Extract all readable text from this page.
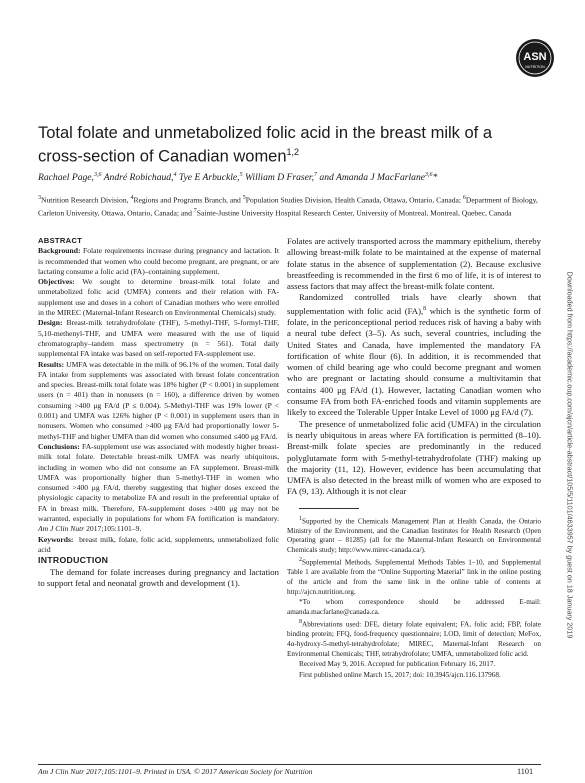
ASN
NUTRITION
Downloaded from https://academic.oup.com/ajcn/article-abstract/105/5/1101/4633957 by guest on 18 January 2019
Total folate and unmetabolized folic acid in the breast milk of a cross-section of Canadian women$^{1,2}$

Rachael Page,$^{3,6}$ André Robichaud,$^4$ Tye E Arbuckle,$^5$ William D Fraser,$^7$ and Amanda J MacFarlane$^{3,6}$*

$^3$Nutrition Research Division, $^4$Regions and Programs Branch, and $^5$Population Studies Division, Health Canada, Ottawa, Ontario, Canada; $^6$Department of Biology, Carleton University, Ottawa, Ontario, Canada; and $^7$Sainte-Justine University Hospital Research Center, University of Montreal, Montreal, Quebec, Canada

ABSTRACT

Background: Folate requirements increase during pregnancy and lactation. It is recommended that women who could become pregnant, are pregnant, or are lactating consume a folic acid (FA)–containing supplement.

Objectives: We sought to determine breast-milk total folate and unmetabolized folic acid (UMFA) contents and their relation with FA-supplement use and doses in a cohort of Canadian mothers who were enrolled in the MIREC (Maternal-Infant Research on Environmental Chemicals) study.

Design: Breast-milk tetrahydrofolate (THF), 5-methyl-THF, 5-formyl-THF, 5,10-methenyl-THF, and UMFA were measured with the use of liquid chromatography–tandem mass spectrometry (n = 561). Total daily supplemental FA intake was based on self-reported FA-supplement use.

Results: UMFA was detectable in the milk of 96.1% of the women. Total daily FA intake from supplements was associated with breast folate concentration and species. Breast-milk total folate was 18% higher (P < 0.001) in supplement users (n = 401) than in nonusers (n = 160), a difference driven by women consuming >400 μg FA/d (P ≤ 0.004). 5-Methyl-THF was 19% lower (P < 0.001) and UMFA was 126% higher (P < 0.001) in supplement users than in nonusers. Women who consumed >400 μg FA/d had proportionally lower 5-methyl-THF and higher UMFA than did women who consumed ≤400 μg FA/d.

Conclusions: FA-supplement use was associated with modestly higher breast-milk total folate. Detectable breast-milk UMFA was nearly ubiquitous, including in women who did not consume an FA supplement. Breast-milk UMFA was proportionally higher than 5-methyl-THF in women who consumed >400 μg FA/d, thereby suggesting that higher doses exceed the physiologic capacity to metabolize FA and result in the preferential uptake of FA in breast milk. Therefore, FA-supplement doses >400 μg may not be warranted, especially in populations for whom FA fortification is mandatory. Am J Clin Nutr 2017;105:1101–9.

Keywords: breast milk, folate, folic acid, supplements, unmetabolized folic acid

INTRODUCTION

The demand for folate increases during pregnancy and lactation to support fetal and neonatal growth and development (1).

Folates are actively transported across the mammary epithelium, thereby allowing breast-milk folate to be maintained at the expense of maternal folate status in the absence of supplementation (2). Because exclusive breastfeeding is recommended in the first 6 mo of life, it is of interest to assess factors that may affect the breast-milk folate content.

Randomized controlled trials have clearly shown that supplementation with folic acid (FA),$^8$ which is the synthetic form of folate, in the periconceptional period reduces risk of having a baby with a neural tube defect (3–5). As such, several countries, including the United States and Canada, have implemented the mandatory FA fortification of white flour (6). In addition, it is recommended that women of child bearing age who could become pregnant and women who are pregnant or lactating should consume a multivitamin that contains 400 μg FA/d (1). However, lactating Canadian women who consume FA from both FA-enriched foods and vitamin supplements are likely to exceed the Tolerable Upper Intake Level of 1000 μg FA/d (7).

The presence of unmetabolized folic acid (UMFA) in the circulation is nearly ubiquitous in areas where FA fortification is permitted (8–10). Breast-milk folate species are predominantly in the reduced polyglutamate form with 5-methyl-tetrahydrofolate (THF) making up the majority (11, 12). However, evidence has been accumulating that UMFA is also detected in the breast milk of women who are exposed to FA (9, 13). Although it is not clear

$^1$Supported by the Chemicals Management Plan at Health Canada, the Ontario Ministry of the Environment, and the Canadian Institutes for Health Research (Open Operating grant – 81285) (all for the Maternal-Infant Research on Environmental Chemicals study; http://www.mirec-canada.ca/).

$^2$Supplemental Methods, Supplemental Methods Tables 1–10, and Supplemental Table 1 are available from the “Online Supporting Material” link in the online posting of the article and from the same link in the online table of contents at http://ajcn.nutrition.org.

*To whom correspondence should be addressed E-mail: amanda.macfarlane@canada.ca.

$^8$Abbreviations used: DFE, dietary folate equivalent; FA, folic acid; FBP, folate binding protein; FFQ, food-frequency questionnaire; LOD, limit of detection; MeFox, 4α-hydroxy-5-methyl-tetrahydrofolate; MIREC, Maternal-Infant Research on Environmental Chemicals; THF, tetrahydrofolate; UMFA, unmetabolized folic acid.

Received May 9, 2016. Accepted for publication February 16, 2017.

First published online March 15, 2017; doi: 10.3945/ajcn.116.137968.

Am J Clin Nutr 2017;105:1101–9. Printed in USA. © 2017 American Society for Nutrition	1101
